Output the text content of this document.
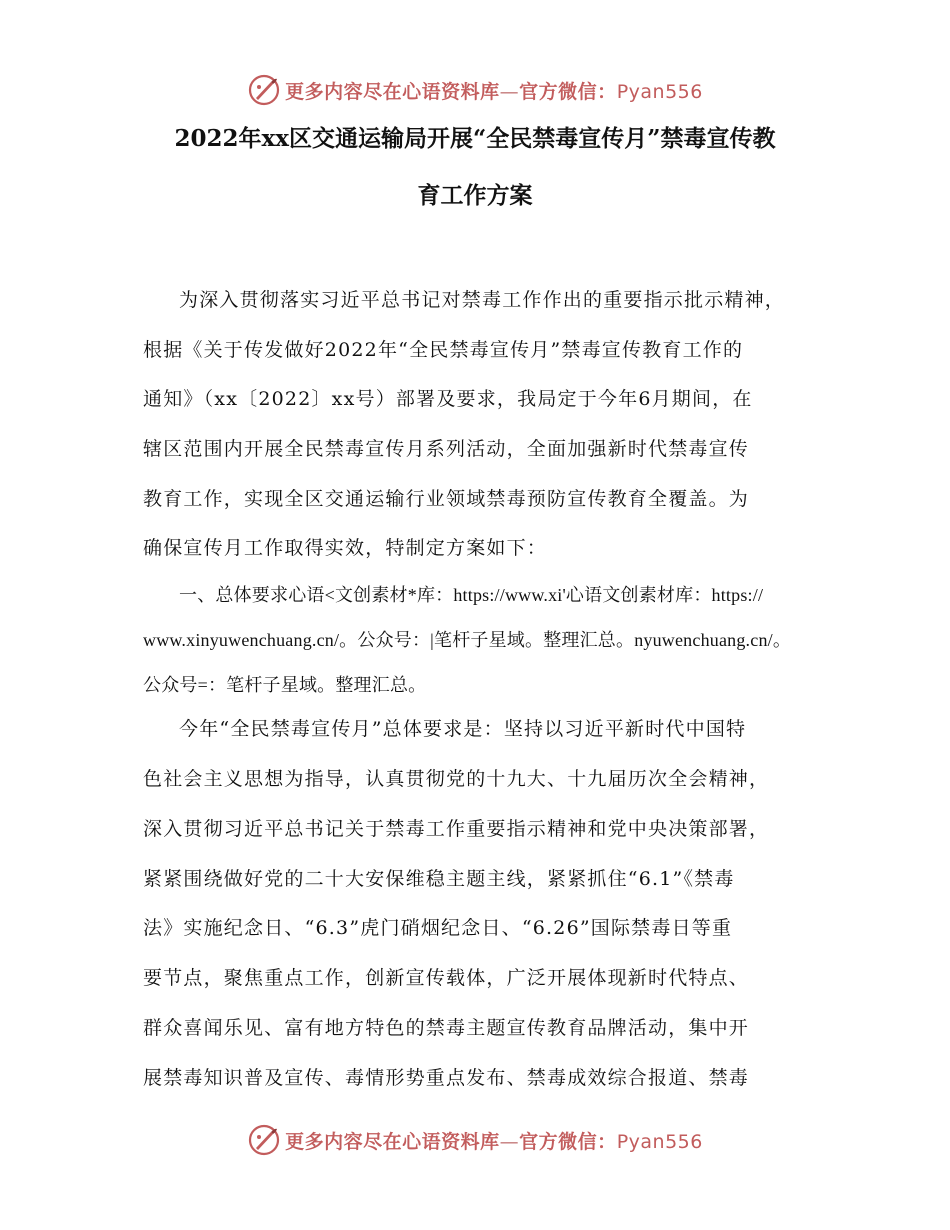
更多内容尽在心语资料库—官方微信：Pyan556
2022年xx区交通运输局开展“全民禁毒宣传月”禁毒宣传教
育工作方案
为深入贯彻落实习近平总书记对禁毒工作作出的重要指示批示精神，
根据《关于传发做好2022年“全民禁毒宣传月”禁毒宣传教育工作的
通知》（xx〔2022〕xx号）部署及要求，我局定于今年6月期间，在
辖区范围内开展全民禁毒宣传月系列活动，全面加强新时代禁毒宣传
教育工作，实现全区交通运输行业领域禁毒预防宣传教育全覆盖。为
确保宣传月工作取得实效，特制定方案如下：
一、总体要求心语<文创素材*库：https://www.xi'心语文创素材库：https://
www.xinyuwenchuang.cn/。公众号：|笔杆子星域。整理汇总。nyuwenchuang.cn/。
公众号=：笔杆子星域。整理汇总。
今年“全民禁毒宣传月”总体要求是：坚持以习近平新时代中国特
色社会主义思想为指导，认真贯彻党的十九大、十九届历次全会精神，
深入贯彻习近平总书记关于禁毒工作重要指示精神和党中央决策部署，
紧紧围绕做好党的二十大安保维稳主题主线，紧紧抓住“6.1”《禁毒
法》实施纪念日、“6.3”虎门硝烟纪念日、“6.26”国际禁毒日等重
要节点，聚焦重点工作，创新宣传载体，广泛开展体现新时代特点、
群众喜闻乐见、富有地方特色的禁毒主题宣传教育品牌活动，集中开
展禁毒知识普及宣传、毒情形势重点发布、禁毒成效综合报道、禁毒
更多内容尽在心语资料库—官方微信：Pyan556
